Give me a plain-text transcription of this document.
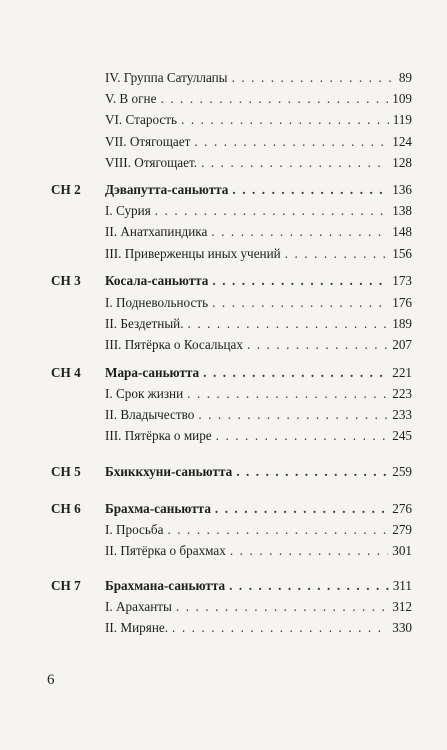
IV. Группа Сатуллапы . . .	89
V. В огне . . .	109
VI. Старость . . .	119
VII. Отягощает . . .	124
VIII. Отягощает. . . .	128
СН 2 Дэвапутта-саньютта . . .	136
I. Сурия . . .	138
II. Анатхапиндика . . .	148
III. Приверженцы иных учений . . .	156
СН 3 Косала-саньютта . . .	173
I. Подневольность . . .	176
II. Бездетный. . . .	189
III. Пятёрка о Косальцах . . .	207
СН 4 Мара-саньютта . . .	221
I. Срок жизни . . .	223
II. Владычество . . .	233
III. Пятёрка о мире . . .	245
СН 5 Бхиккхуни-саньютта . . .	259
СН 6 Брахма-саньютта . . .	276
I. Просьба . . .	279
II. Пятёрка о брахмах . . .	301
СН 7 Брахмана-саньютта . . .	311
I. Араханты . . .	312
II. Миряне. . . .	330
6
